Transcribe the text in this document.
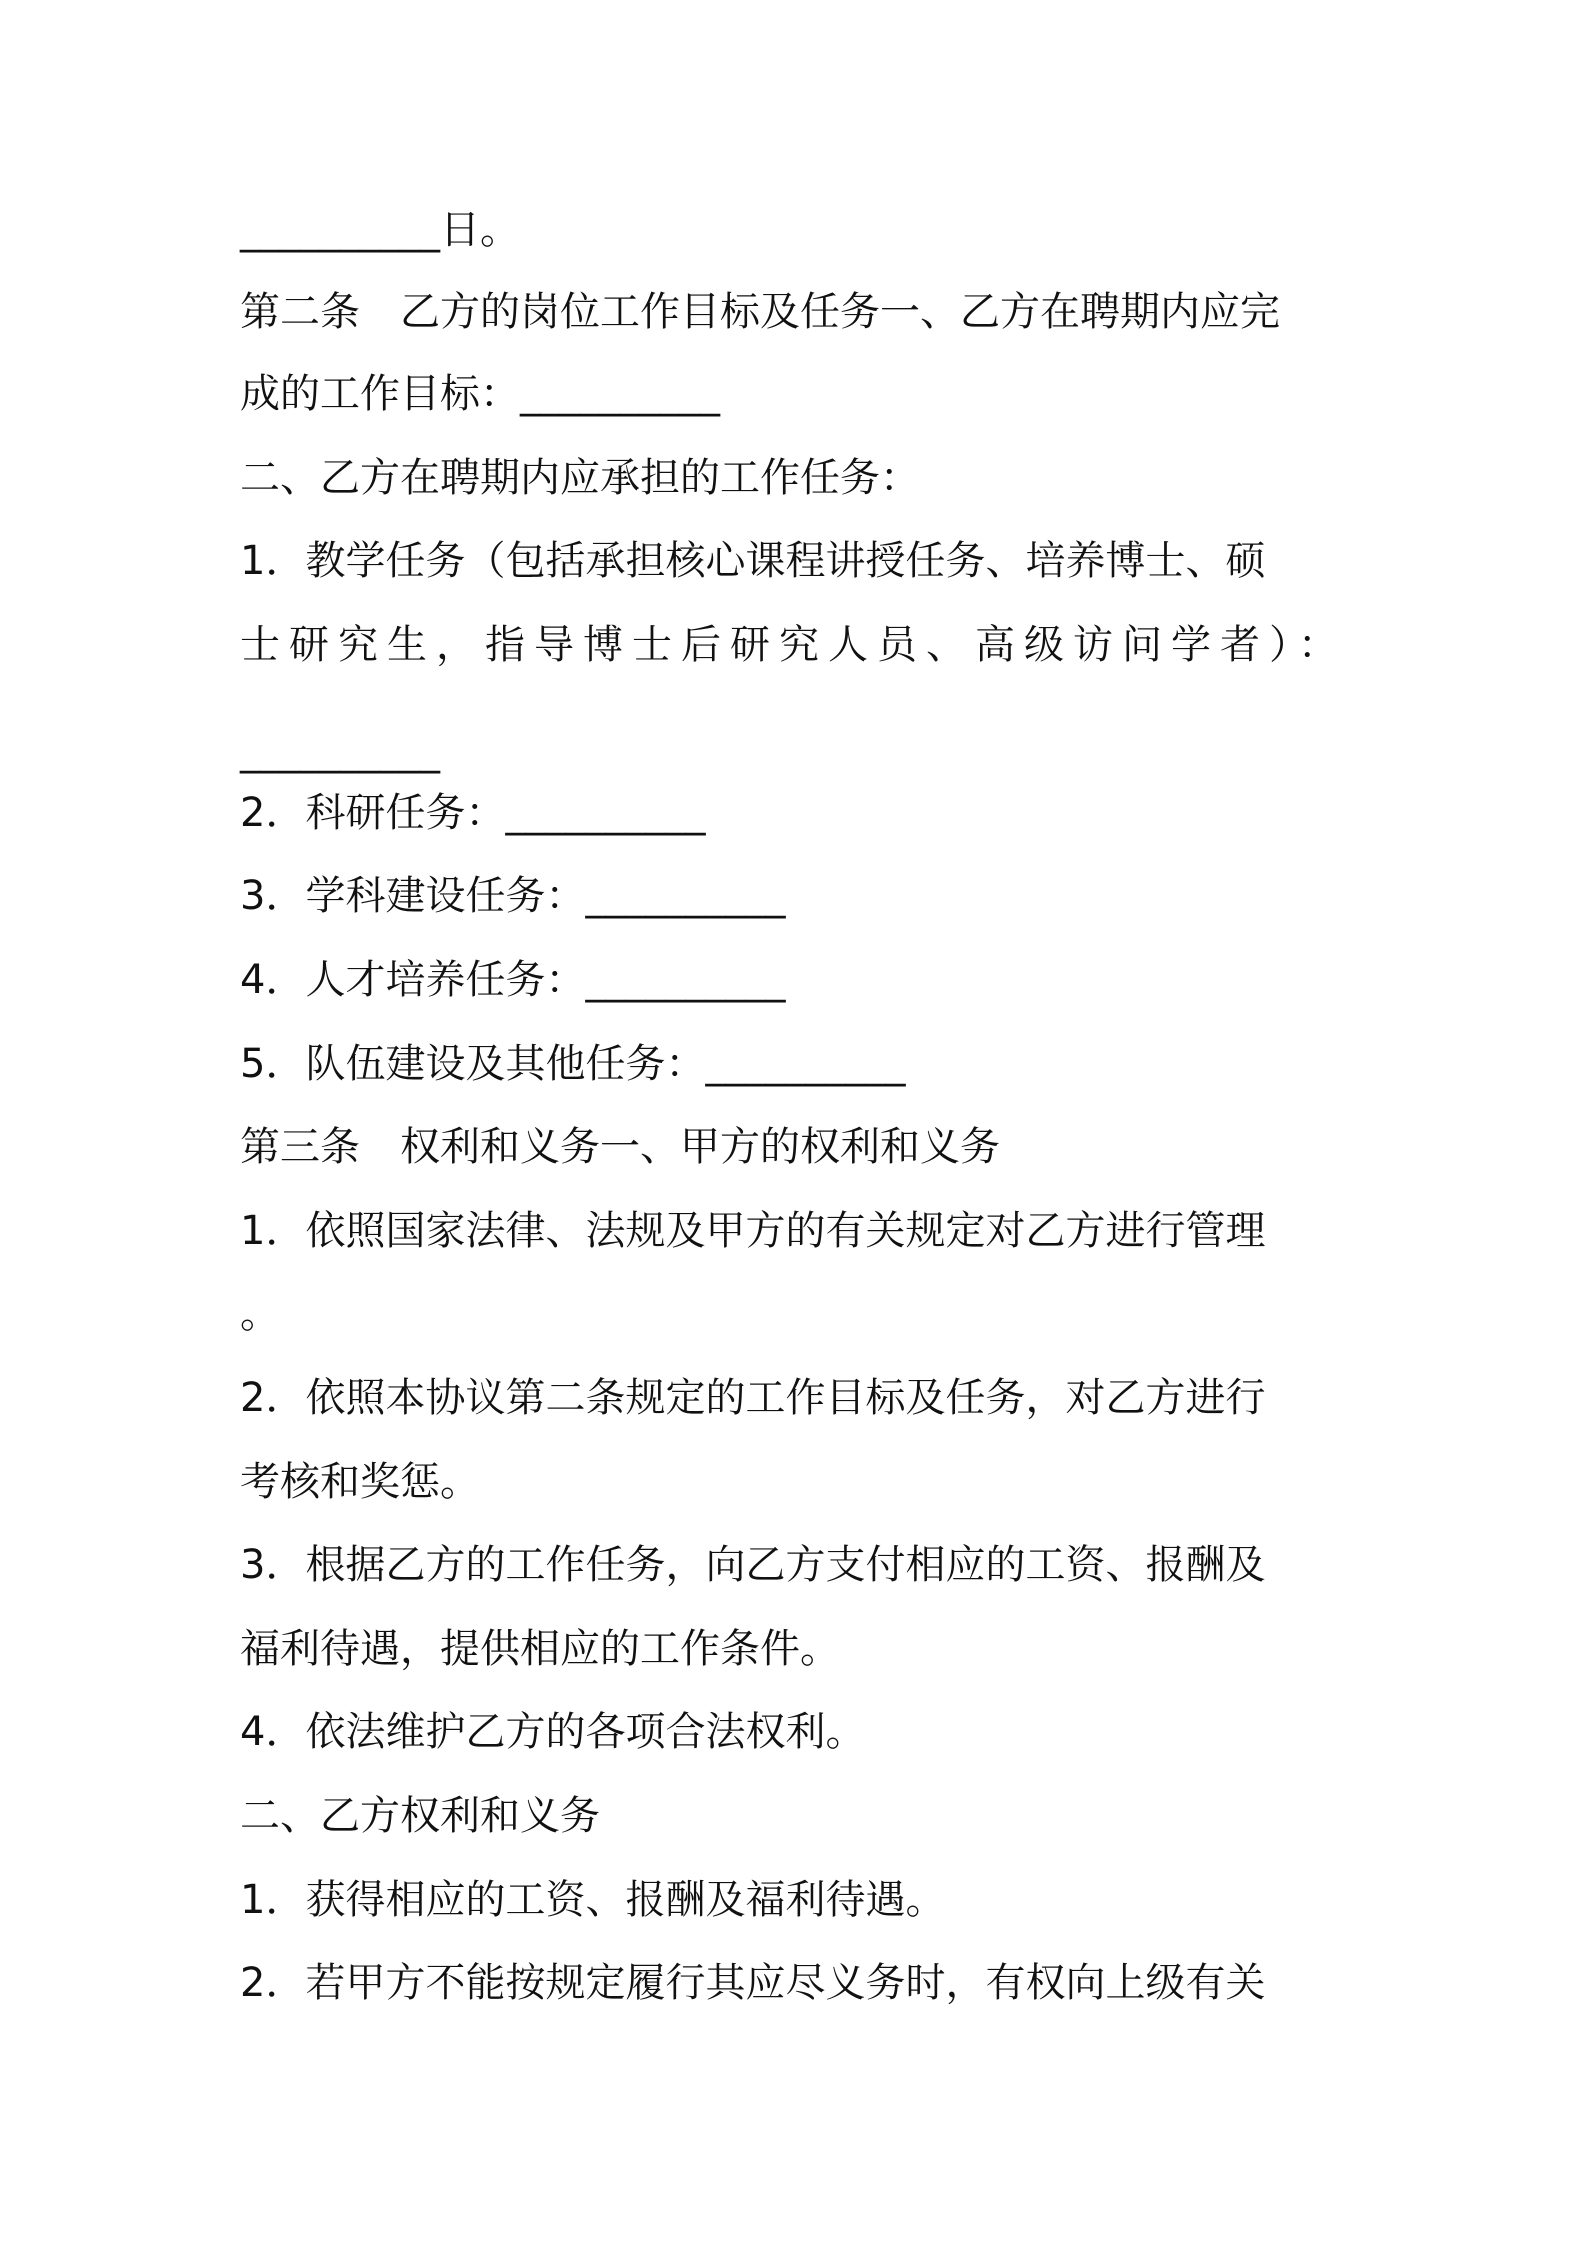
__________日。
第二条　乙方的岗位工作目标及任务一、乙方在聘期内应完
成的工作目标：__________
二、乙方在聘期内应承担的工作任务：
1．教学任务（包括承担核心课程讲授任务、培养博士、硕
士研究生，指导博士后研究人员、高级访问学者）：
__________
2．科研任务：__________
3．学科建设任务：__________
4．人才培养任务：__________
5．队伍建设及其他任务：__________
第三条　权利和义务一、甲方的权利和义务
1．依照国家法律、法规及甲方的有关规定对乙方进行管理
。
2．依照本协议第二条规定的工作目标及任务，对乙方进行
考核和奖惩。
3．根据乙方的工作任务，向乙方支付相应的工资、报酬及
福利待遇，提供相应的工作条件。
4．依法维护乙方的各项合法权利。
二、乙方权利和义务
1．获得相应的工资、报酬及福利待遇。
2．若甲方不能按规定履行其应尽义务时，有权向上级有关
